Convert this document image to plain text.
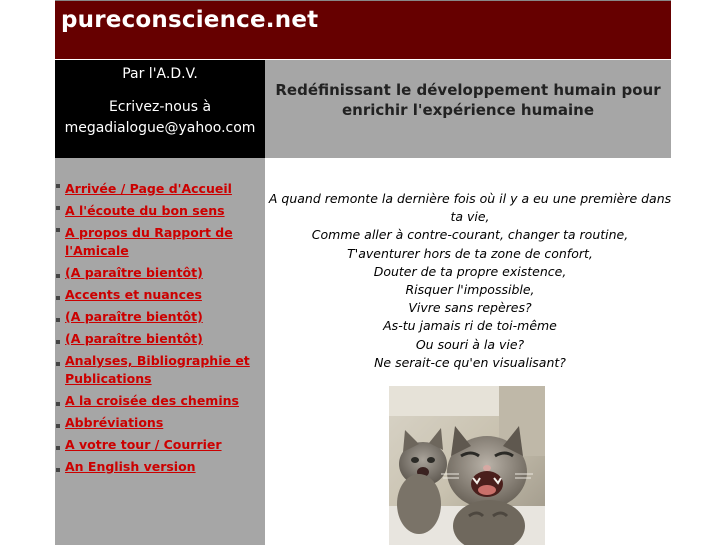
pureconscience.net
Par l'A.D.V.
Ecrivez-nous à
megadialogue@yahoo.com
Redéfinissant le développement humain pour
enrichir l'expérience humaine
Arrivée / Page d'Accueil
A l'écoute du bon sens
A propos du Rapport de
l'Amicale
(A paraître bientôt)
Accents et nuances
(A paraître bientôt)
(A paraître bientôt)
Analyses, Bibliographie et
Publications
A la croisée des chemins
Abbréviations
A votre tour / Courrier
An English version
A quand remonte la dernière fois où il y a eu une première dans
ta vie,
Comme aller à contre-courant, changer ta routine,
T'aventurer hors de ta zone de confort,
Douter de ta propre existence,
Risquer l'impossible,
Vivre sans repères?
As-tu jamais ri de toi-même
Ou souri à la vie?
Ne serait-ce qu'en visualisant?
